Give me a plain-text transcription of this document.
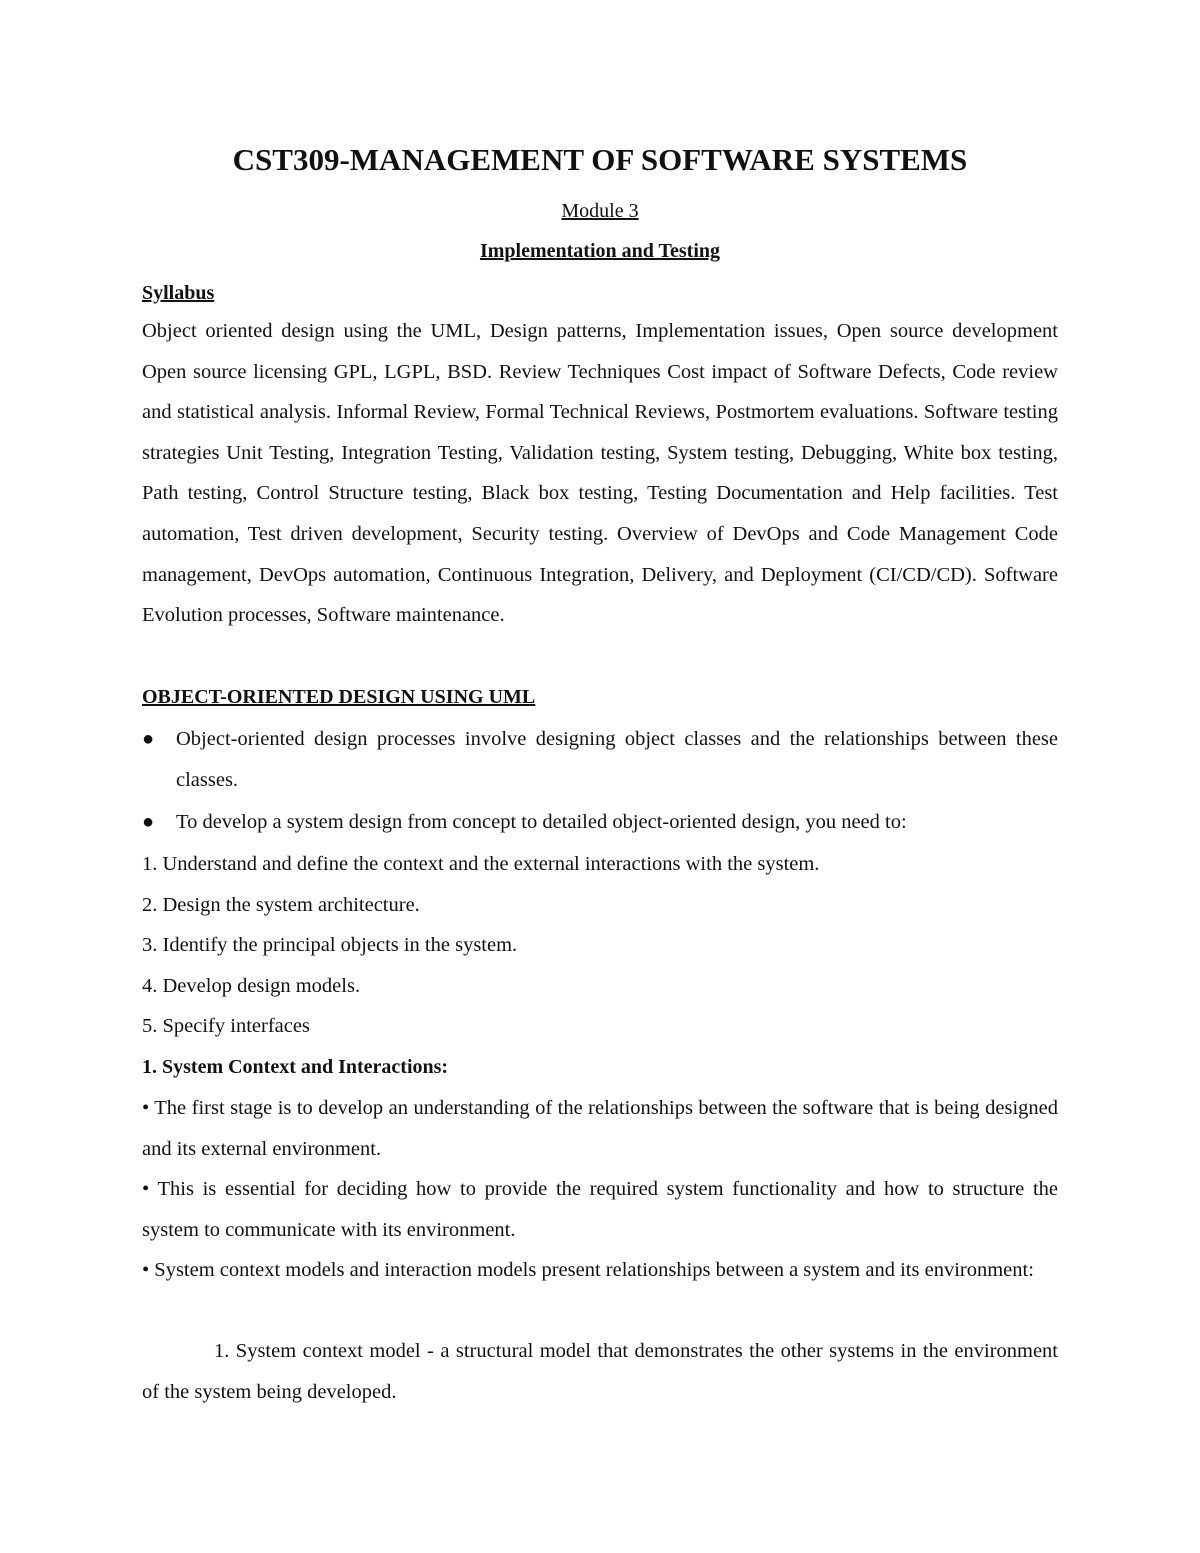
CST309-MANAGEMENT OF SOFTWARE SYSTEMS
Module 3
Implementation and Testing
Syllabus

Object oriented design using the UML, Design patterns, Implementation issues, Open source development Open source licensing GPL, LGPL, BSD. Review Techniques Cost impact of Software Defects, Code review and statistical analysis. Informal Review, Formal Technical Reviews, Postmortem evaluations. Software testing strategies Unit Testing, Integration Testing, Validation testing, System testing, Debugging, White box testing, Path testing, Control Structure testing, Black box testing, Testing Documentation and Help facilities. Test automation, Test driven development, Security testing. Overview of DevOps and Code Management Code management, DevOps automation, Continuous Integration, Delivery, and Deployment (CI/CD/CD). Software Evolution processes, Software maintenance.

OBJECT-ORIENTED DESIGN USING UML
●	Object-oriented design processes involve designing object classes and the relationships between these classes.
●	To develop a system design from concept to detailed object-oriented design, you need to:
1. Understand and define the context and the external interactions with the system.
2. Design the system architecture.
3. Identify the principal objects in the system.
4. Develop design models.
5. Specify interfaces
1. System Context and Interactions:

• The first stage is to develop an understanding of the relationships between the software that is being designed and its external environment.

• This is essential for deciding how to provide the required system functionality and how to structure the system to communicate with its environment.

• System context models and interaction models present relationships between a system and its environment:

1. System context model - a structural model that demonstrates the other systems in the environment of the system being developed.
